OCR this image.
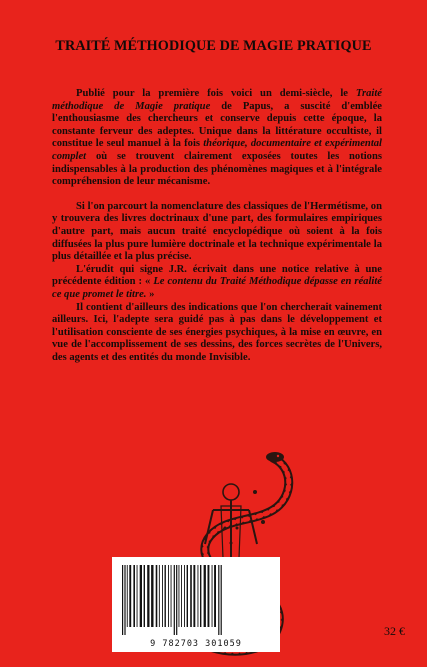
TRAITÉ MÉTHODIQUE DE MAGIE PRATIQUE

Publié pour la première fois voici un demi-siècle, le Traité méthodique de Magie pratique de Papus, a suscité d'emblée l'enthousiasme des chercheurs et conserve depuis cette époque, la constante ferveur des adeptes. Unique dans la littérature occultiste, il constitue le seul manuel à la fois théorique, documentaire et expérimental complet où se trouvent clairement exposées toutes les notions indispensables à la production des phénomènes magiques et à l'intégrale compréhension de leur mécanisme.

Si l'on parcourt la nomenclature des classiques de l'Hermétisme, on y trouvera des livres doctrinaux d'une part, des formulaires empiriques d'autre part, mais aucun traité encyclopédique où soient à la fois diffusées la plus pure lumière doctrinale et la technique expérimentale la plus détaillée et la plus précise.

L'érudit qui signe J.R. écrivait dans une notice relative à une précédente édition : « Le contenu du Traité Méthodique dépasse en réalité ce que promet le titre. »

Il contient d'ailleurs des indications que l'on chercherait vainement ailleurs. Ici, l'adepte sera guidé pas à pas dans le développement et l'utilisation consciente de ses énergies psychiques, à la mise en œuvre, en vue de l'accomplissement de ses dessins, des forces secrètes de l'Univers, des agents et des entités du monde Invisible.

9 782703 301059
32 €
